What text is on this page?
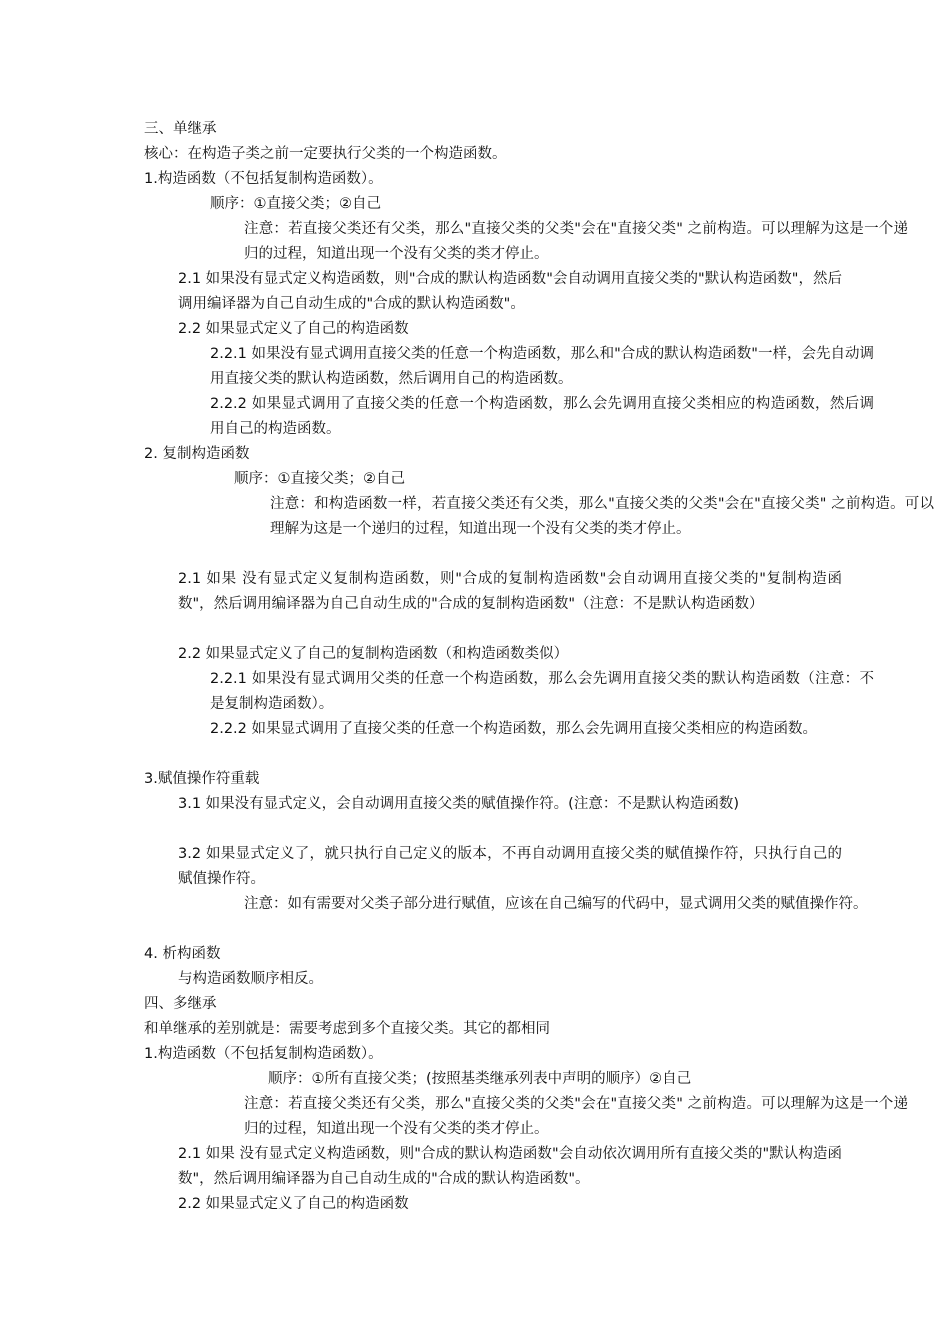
三、单继承
核心：在构造子类之前一定要执行父类的一个构造函数。
1.构造函数（不包括复制构造函数）。
顺序：①直接父类；②自己
注意：若直接父类还有父类，那么"直接父类的父类"会在"直接父类" 之前构造。可以理解为这是一个递归的过程，知道出现一个没有父类的类才停止。
2.1 如果没有显式定义构造函数，则"合成的默认构造函数"会自动调用直接父类的"默认构造函数"，然后调用编译器为自己自动生成的"合成的默认构造函数"。
2.2 如果显式定义了自己的构造函数
2.2.1 如果没有显式调用直接父类的任意一个构造函数，那么和"合成的默认构造函数"一样，会先自动调用直接父类的默认构造函数，然后调用自己的构造函数。
2.2.2 如果显式调用了直接父类的任意一个构造函数，那么会先调用直接父类相应的构造函数，然后调用自己的构造函数。
2. 复制构造函数
顺序：①直接父类；②自己
注意：和构造函数一样，若直接父类还有父类，那么"直接父类的父类"会在"直接父类" 之前构造。可以理解为这是一个递归的过程，知道出现一个没有父类的类才停止。
2.1 如果 没有显式定义复制构造函数，则"合成的复制构造函数"会自动调用直接父类的"复制构造函数"，然后调用编译器为自己自动生成的"合成的复制构造函数"（注意：不是默认构造函数）
2.2 如果显式定义了自己的复制构造函数（和构造函数类似）
2.2.1 如果没有显式调用父类的任意一个构造函数，那么会先调用直接父类的默认构造函数（注意：不是复制构造函数）。
2.2.2 如果显式调用了直接父类的任意一个构造函数，那么会先调用直接父类相应的构造函数。
3.赋值操作符重载
3.1 如果没有显式定义，会自动调用直接父类的赋值操作符。(注意：不是默认构造函数)
3.2 如果显式定义了，就只执行自己定义的版本，不再自动调用直接父类的赋值操作符，只执行自己的赋值操作符。
注意：如有需要对父类子部分进行赋值，应该在自己编写的代码中，显式调用父类的赋值操作符。
4. 析构函数
与构造函数顺序相反。
四、多继承
和单继承的差别就是：需要考虑到多个直接父类。其它的都相同
1.构造函数（不包括复制构造函数）。
顺序：①所有直接父类；(按照基类继承列表中声明的顺序）②自己
注意：若直接父类还有父类，那么"直接父类的父类"会在"直接父类" 之前构造。可以理解为这是一个递归的过程，知道出现一个没有父类的类才停止。
2.1 如果 没有显式定义构造函数，则"合成的默认构造函数"会自动依次调用所有直接父类的"默认构造函数"，然后调用编译器为自己自动生成的"合成的默认构造函数"。
2.2 如果显式定义了自己的构造函数
